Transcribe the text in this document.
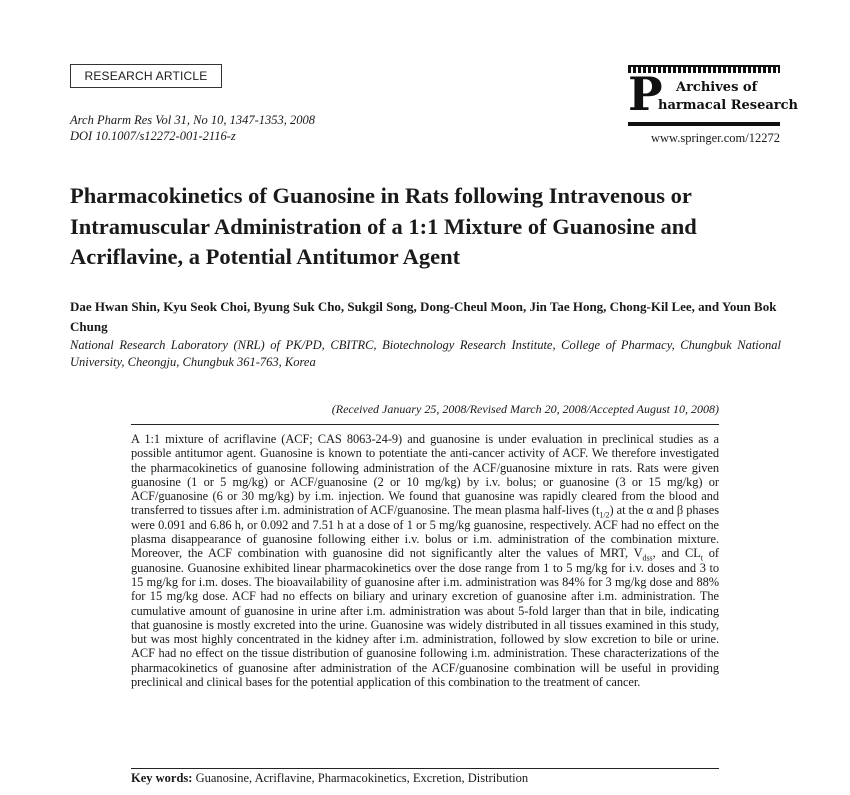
RESEARCH ARTICLE
Arch Pharm Res Vol 31, No 10, 1347-1353, 2008
DOI 10.1007/s12272-001-2116-z
P Archives of
harmacal Research
www.springer.com/12272
Pharmacokinetics of Guanosine in Rats following Intravenous or Intramuscular Administration of a 1:1 Mixture of Guanosine and Acriflavine, a Potential Antitumor Agent

Dae Hwan Shin, Kyu Seok Choi, Byung Suk Cho, Sukgil Song, Dong-Cheul Moon, Jin Tae Hong, Chong-Kil Lee, and Youn Bok Chung

National Research Laboratory (NRL) of PK/PD, CBITRC, Biotechnology Research Institute, College of Pharmacy, Chungbuk National University, Cheongju, Chungbuk 361-763, Korea

(Received January 25, 2008/Revised March 20, 2008/Accepted August 10, 2008)

A 1:1 mixture of acriflavine (ACF; CAS 8063-24-9) and guanosine is under evaluation in preclinical studies as a possible antitumor agent. Guanosine is known to potentiate the anti-cancer activity of ACF. We therefore investigated the pharmacokinetics of guanosine following administration of the ACF/guanosine mixture in rats. Rats were given guanosine (1 or 5 mg/kg) or ACF/guanosine (2 or 10 mg/kg) by i.v. bolus; or guanosine (3 or 15 mg/kg) or ACF/guanosine (6 or 30 mg/kg) by i.m. injection. We found that guanosine was rapidly cleared from the blood and transferred to tissues after i.m. administration of ACF/guanosine. The mean plasma half-lives $(t_{1/2})$ at the α and β phases were 0.091 and 6.86 h, or 0.092 and 7.51 h at a dose of 1 or 5 mg/kg guanosine, respectively. ACF had no effect on the plasma disappearance of guanosine following either i.v. bolus or i.m. administration of the combination mixture. Moreover, the ACF combination with guanosine did not significantly alter the values of MRT, $V_{dss}$, and $CL_t$ of guanosine. Guanosine exhibited linear pharmacokinetics over the dose range from 1 to 5 mg/kg for i.v. doses and 3 to 15 mg/kg for i.m. doses. The bioavailability of guanosine after i.m. administration was 84% for 3 mg/kg dose and 88% for 15 mg/kg dose. ACF had no effects on biliary and urinary excretion of guanosine after i.m. administration. The cumulative amount of guanosine in urine after i.m. administration was about 5-fold larger than that in bile, indicating that guanosine is mostly excreted into the urine. Guanosine was widely distributed in all tissues examined in this study, but was most highly concentrated in the kidney after i.m. administration, followed by slow excretion to bile or urine. ACF had no effect on the tissue distribution of guanosine following i.m. administration. These characterizations of the pharmacokinetics of guanosine after administration of the ACF/guanosine combination will be useful in providing preclinical and clinical bases for the potential application of this combination to the treatment of cancer.

Key words: Guanosine, Acriflavine, Pharmacokinetics, Excretion, Distribution
